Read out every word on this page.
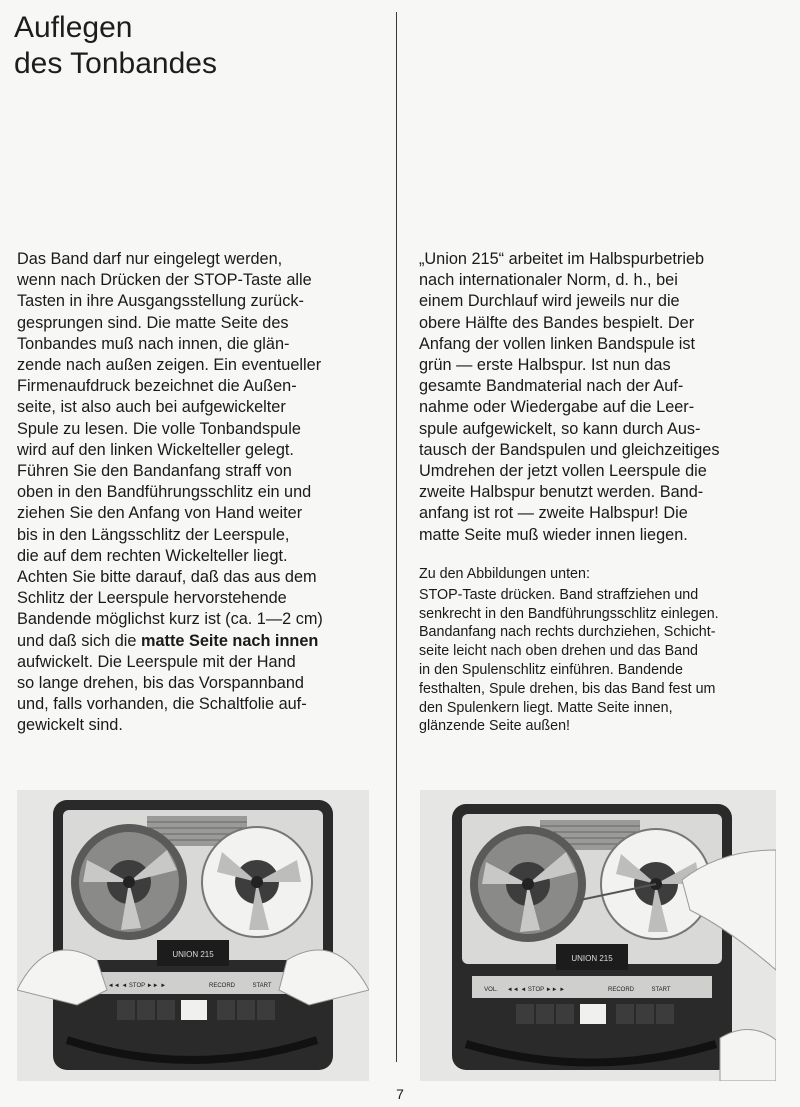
Auflegen
des Tonbandes
Das Band darf nur eingelegt werden,
wenn nach Drücken der STOP-Taste alle
Tasten in ihre Ausgangsstellung zurück-
gesprungen sind. Die matte Seite des
Tonbandes muß nach innen, die glän-
zende nach außen zeigen. Ein eventueller
Firmenaufdruck bezeichnet die Außen-
seite, ist also auch bei aufgewickelter
Spule zu lesen. Die volle Tonbandspule
wird auf den linken Wickelteller gelegt.
Führen Sie den Bandanfang straff von
oben in den Bandführungsschlitz ein und
ziehen Sie den Anfang von Hand weiter
bis in den Längsschlitz der Leerspule,
die auf dem rechten Wickelteller liegt.
Achten Sie bitte darauf, daß das aus dem
Schlitz der Leerspule hervorstehende
Bandende möglichst kurz ist (ca. 1—2 cm)
und daß sich die matte Seite nach innen
aufwickelt. Die Leerspule mit der Hand
so lange drehen, bis das Vorspannband
und, falls vorhanden, die Schaltfolie auf-
gewickelt sind.
„Union 215“ arbeitet im Halbspurbetrieb
nach internationaler Norm, d. h., bei
einem Durchlauf wird jeweils nur die
obere Hälfte des Bandes bespielt. Der
Anfang der vollen linken Bandspule ist
grün — erste Halbspur. Ist nun das
gesamte Bandmaterial nach der Auf-
nahme oder Wiedergabe auf die Leer-
spule aufgewickelt, so kann durch Aus-
tausch der Bandspulen und gleichzeitiges
Umdrehen der jetzt vollen Leerspule die
zweite Halbspur benutzt werden. Band-
anfang ist rot — zweite Halbspur! Die
matte Seite muß wieder innen liegen.
Zu den Abbildungen unten:
STOP-Taste drücken. Band straffziehen und
senkrecht in den Bandführungsschlitz einlegen.
Bandanfang nach rechts durchziehen, Schicht-
seite leicht nach oben drehen und das Band
in den Spulenschlitz einführen. Bandende
festhalten, Spule drehen, bis das Band fest um
den Spulenkern liegt. Matte Seite innen,
glänzende Seite außen!
UNION 215
◄◄ ◄ STOP ►► ►	RECORD	START
UNION 215
◄◄ ◄ STOP ►► ►	RECORD	START
VOL.
7
